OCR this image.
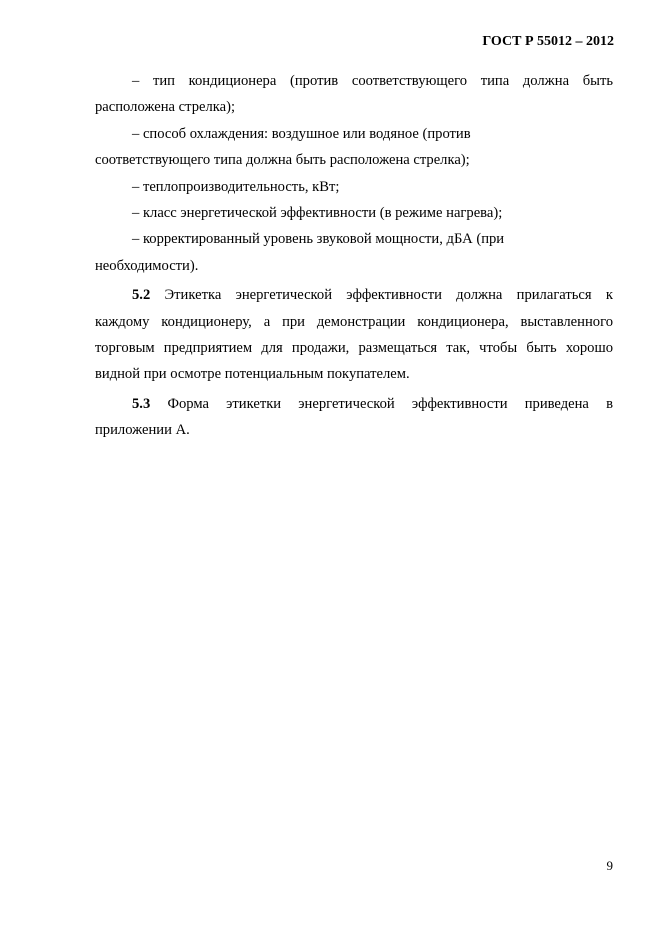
ГОСТ Р 55012 – 2012
– тип кондиционера (против соответствующего типа должна быть
расположена стрелка);
– способ охлаждения: воздушное или водяное (против
соответствующего типа должна быть расположена стрелка);
– теплопроизводительность, кВт;
– класс энергетической эффективности (в режиме нагрева);
– корректированный уровень звуковой мощности, дБА (при
необходимости).
5.2 Этикетка энергетической эффективности должна прилагаться к
каждому кондиционеру, а при демонстрации кондиционера, выставленного
торговым предприятием для продажи, размещаться так, чтобы быть хорошо
видной при осмотре потенциальным покупателем.
5.3 Форма этикетки энергетической эффективности приведена в
приложении А.
9
